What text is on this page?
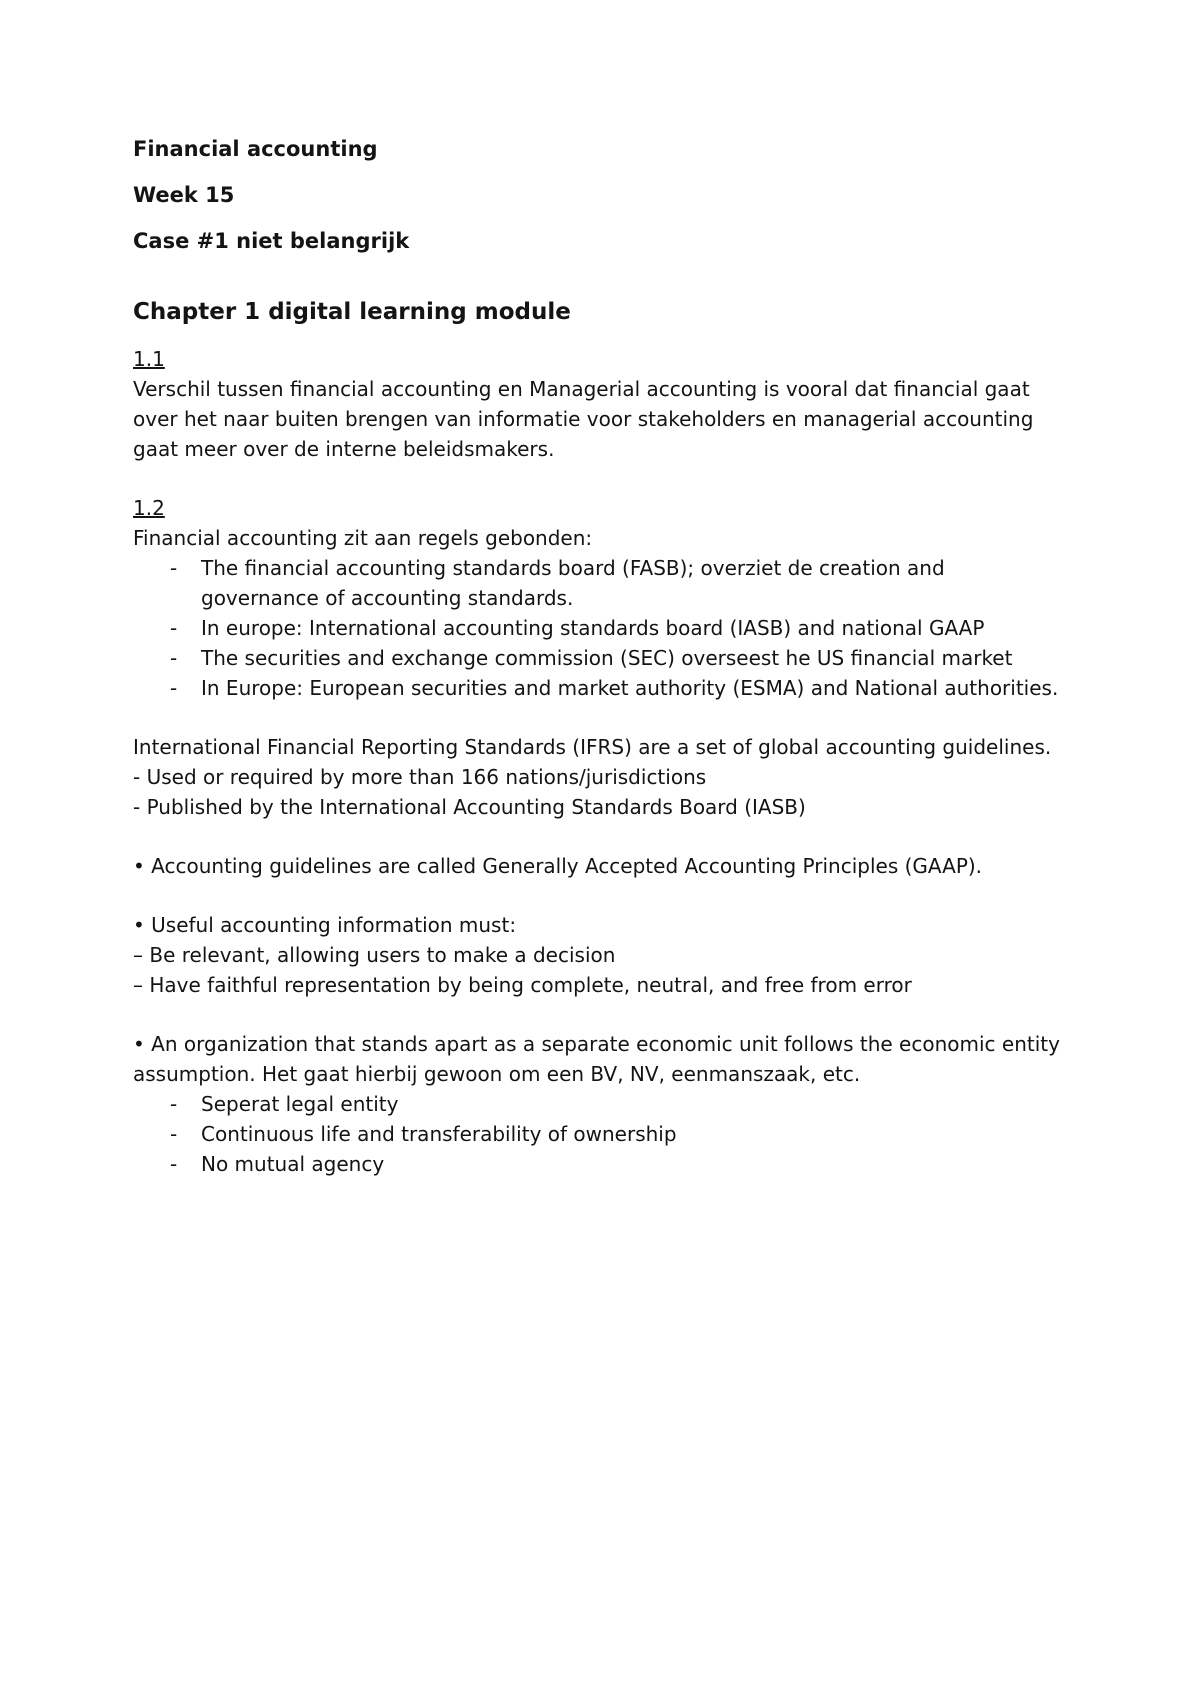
Financial accounting

Week 15

Case #1 niet belangrijk

Chapter 1 digital learning module

1.1

Verschil tussen financial accounting en Managerial accounting is vooral dat financial gaat over het naar buiten brengen van informatie voor stakeholders en managerial accounting gaat meer over de interne beleidsmakers.

1.2

Financial accounting zit aan regels gebonden:

-	The financial accounting standards board (FASB); overziet de creation and governance of accounting standards.
-	In europe: International accounting standards board (IASB) and national GAAP
-	The securities and exchange commission (SEC) overseest he US financial market
-	In Europe: European securities and market authority (ESMA) and National authorities.

International Financial Reporting Standards (IFRS) are a set of global accounting guidelines.

- Used or required by more than 166 nations/jurisdictions

- Published by the International Accounting Standards Board (IASB)

• Accounting guidelines are called Generally Accepted Accounting Principles (GAAP).

• Useful accounting information must:

– Be relevant, allowing users to make a decision

– Have faithful representation by being complete, neutral, and free from error

• An organization that stands apart as a separate economic unit follows the economic entity assumption. Het gaat hierbij gewoon om een BV, NV, eenmanszaak, etc.

-	Seperat legal entity
-	Continuous life and transferability of ownership
-	No mutual agency
